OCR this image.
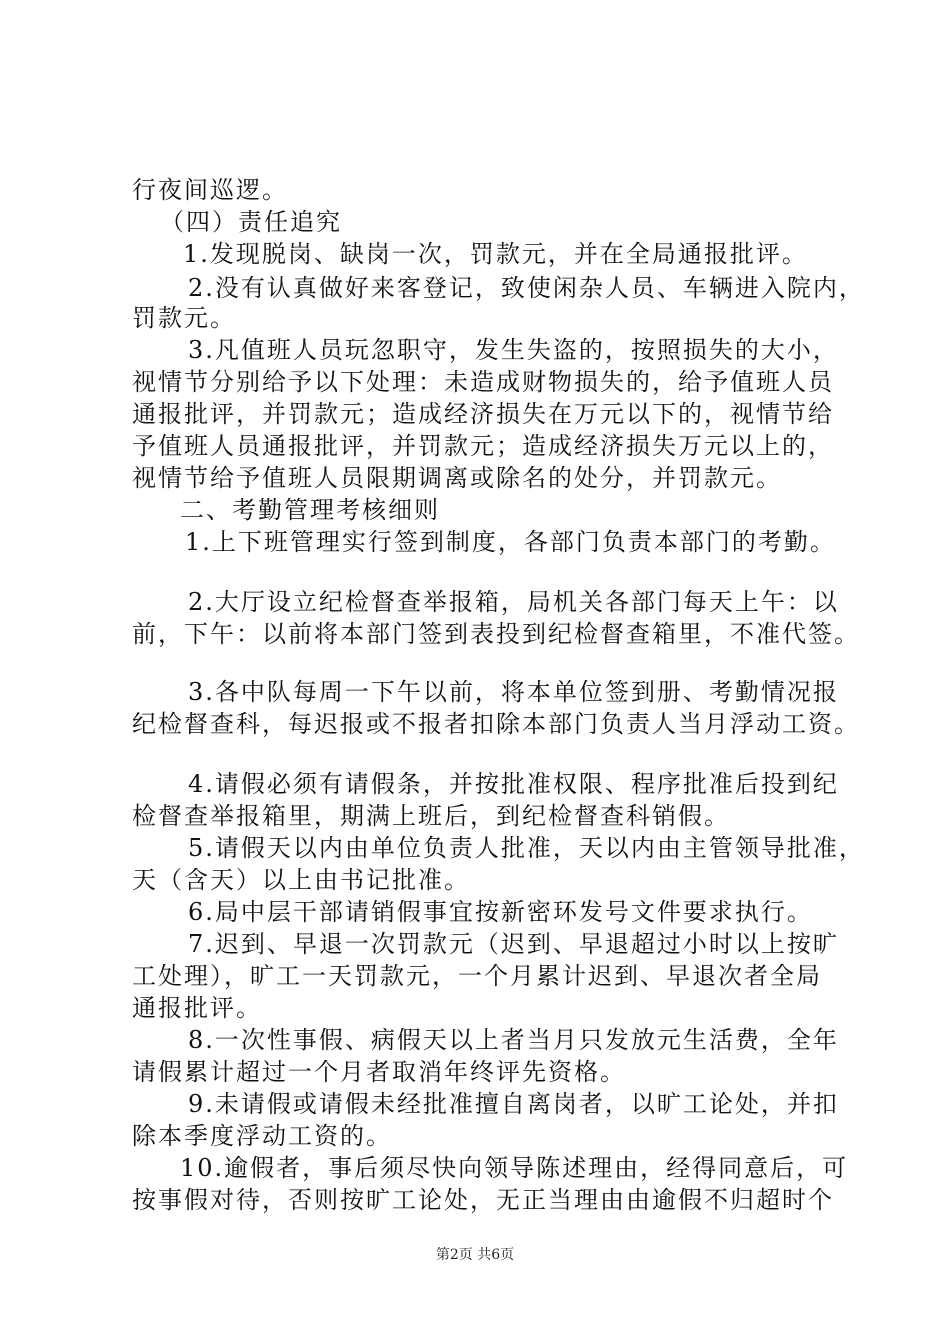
行夜间巡逻。
（四）责任追究
1.发现脱岗、缺岗一次，罚款元，并在全局通报批评。
2.没有认真做好来客登记，致使闲杂人员、车辆进入院内，
罚款元。
3.凡值班人员玩忽职守，发生失盗的，按照损失的大小，
视情节分别给予以下处理：未造成财物损失的，给予值班人员
通报批评，并罚款元；造成经济损失在万元以下的，视情节给
予值班人员通报批评，并罚款元；造成经济损失万元以上的，
视情节给予值班人员限期调离或除名的处分，并罚款元。
二、考勤管理考核细则
1.上下班管理实行签到制度，各部门负责本部门的考勤。
2.大厅设立纪检督查举报箱，局机关各部门每天上午：以
前，下午：以前将本部门签到表投到纪检督查箱里，不准代签。
3.各中队每周一下午以前，将本单位签到册、考勤情况报
纪检督查科，每迟报或不报者扣除本部门负责人当月浮动工资。
4.请假必须有请假条，并按批准权限、程序批准后投到纪
检督查举报箱里，期满上班后，到纪检督查科销假。
5.请假天以内由单位负责人批准，天以内由主管领导批准，
天（含天）以上由书记批准。
6.局中层干部请销假事宜按新密环发号文件要求执行。
7.迟到、早退一次罚款元（迟到、早退超过小时以上按旷
工处理），旷工一天罚款元，一个月累计迟到、早退次者全局
通报批评。
8.一次性事假、病假天以上者当月只发放元生活费，全年
请假累计超过一个月者取消年终评先资格。
9.未请假或请假未经批准擅自离岗者，以旷工论处，并扣
除本季度浮动工资的。
10.逾假者，事后须尽快向领导陈述理由，经得同意后，可
按事假对待，否则按旷工论处，无正当理由由逾假不归超时个
第2页 共6页
